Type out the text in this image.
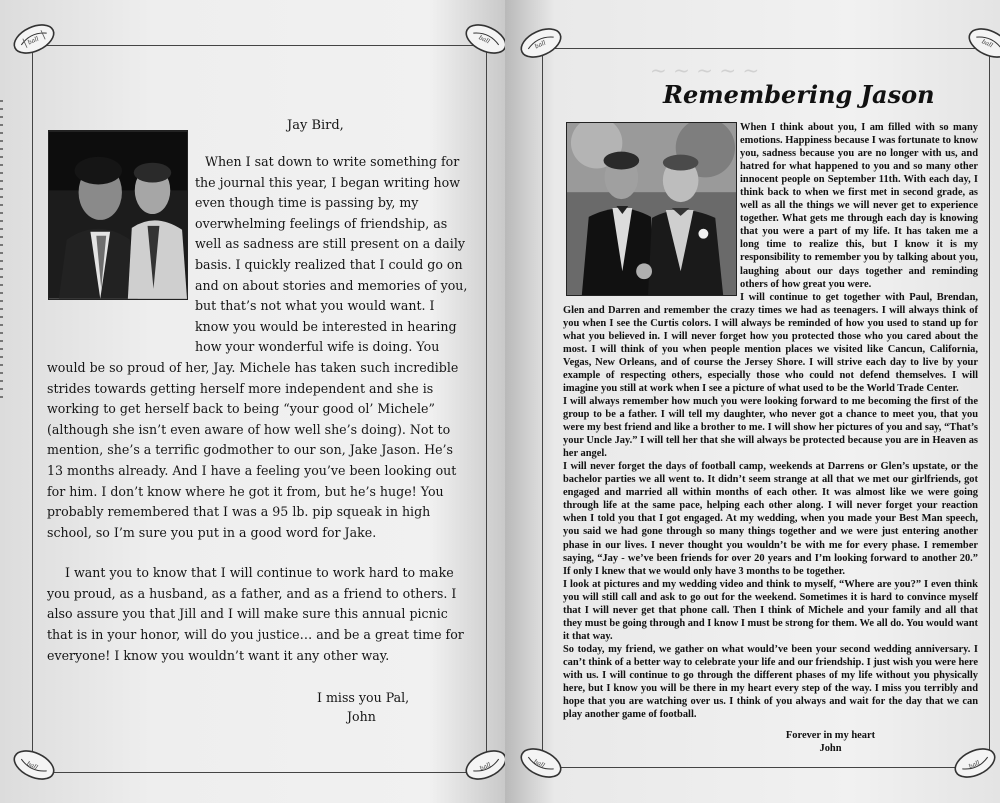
ball	ball
ball	ball
Jay Bird,

When I sat down to write something for the journal this year, I began writing how even though time is passing by, my overwhelming feelings of friendship, as well as sadness are still present on a daily basis. I quickly realized that I could go on and on about stories and memories of you, but that’s not what you would want. I know you would be interested in hearing how your wonderful wife is doing. You would be so proud of her, Jay. Michele has taken such incredible strides towards getting herself more independent and she is working to get herself back to being “your good ol’ Michele” (although she isn’t even aware of how well she’s doing). Not to mention, she’s a terrific godmother to our son, Jake Jason. He’s 13 months already. And I have a feeling you’ve been looking out for him. I don’t know where he got it from, but he’s huge! You probably remembered that I was a 95 lb. pip squeak in high school, so I’m sure you put in a good word for Jake.

I want you to know that I will continue to work hard to make you proud, as a husband, as a father, and as a friend to others. I also assure you that Jill and I will make sure this annual picnic that is in your honor, will do you justice… and be a great time for everyone! I know you wouldn’t want it any other way.

I miss you Pal,
John
~ ~ ~ ~ ~
ball	ball
ball	ball
Remembering Jason

When I think about you, I am filled with so many emotions. Happiness because I was fortunate to know you, sadness because you are no longer with us, and hatred for what happened to you and so many other innocent people on September 11th. With each day, I think back to when we first met in second grade, as well as all the things we will never get to experience together. What gets me through each day is knowing that you were a part of my life. It has taken me a long time to realize this, but I know it is my responsibility to remember you by talking about you, laughing about our days together and reminding others of how great you were.

I will continue to get together with Paul, Brendan, Glen and Darren and remember the crazy times we had as teenagers. I will always think of you when I see the Curtis colors. I will always be reminded of how you used to stand up for what you believed in. I will never forget how you protected those who you cared about the most. I will think of you when people mention places we visited like Cancun, California, Vegas, New Orleans, and of course the Jersey Shore. I will strive each day to live by your example of respecting others, especially those who could not defend themselves. I will imagine you still at work when I see a picture of what used to be the World Trade Center.

I will always remember how much you were looking forward to me becoming the first of the group to be a father. I will tell my daughter, who never got a chance to meet you, that you were my best friend and like a brother to me. I will show her pictures of you and say, “That’s your Uncle Jay.” I will tell her that she will always be protected because you are in Heaven as her angel.

I will never forget the days of football camp, weekends at Darrens or Glen’s upstate, or the bachelor parties we all went to. It didn’t seem strange at all that we met our girlfriends, got engaged and married all within months of each other. It was almost like we were going through life at the same pace, helping each other along. I will never forget your reaction when I told you that I got engaged. At my wedding, when you made your Best Man speech, you said we had gone through so many things together and we were just entering another phase in our lives. I never thought you wouldn’t be with me for every phase. I remember saying, “Jay - we’ve been friends for over 20 years and I’m looking forward to another 20.” If only I knew that we would only have 3 months to be together.

I look at pictures and my wedding video and think to myself, “Where are you?” I even think you will still call and ask to go out for the weekend. Sometimes it is hard to convince myself that I will never get that phone call. Then I think of Michele and your family and all that they must be going through and I know I must be strong for them. We all do. You would want it that way.

So today, my friend, we gather on what would’ve been your second wedding anniversary. I can’t think of a better way to celebrate your life and our friendship. I just wish you were here with us. I will continue to go through the different phases of my life without you physically here, but I know you will be there in my heart every step of the way. I miss you terribly and hope that you are watching over us. I think of you always and wait for the day that we can play another game of football.

Forever in my heart
John
